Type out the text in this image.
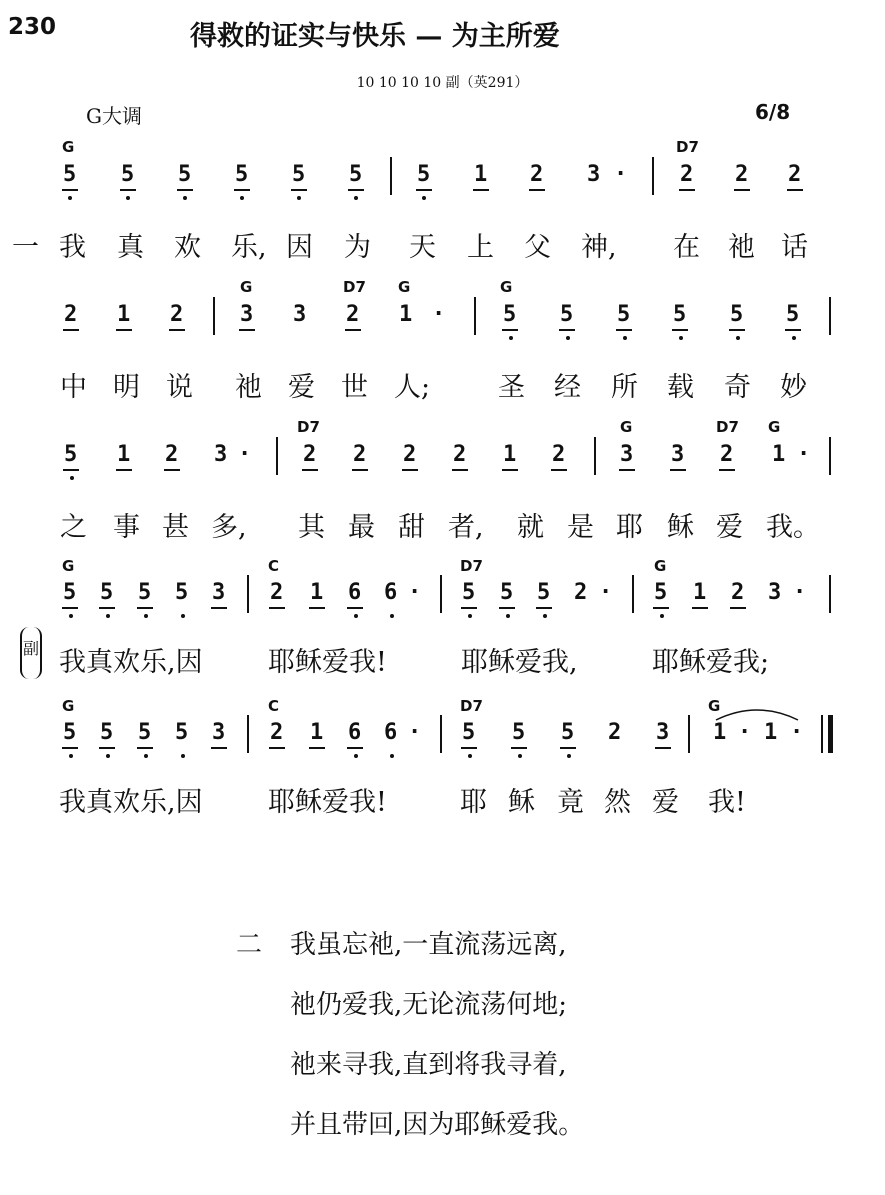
230	得救的证实与快乐 — 为主所爱
10 10 10 10 副（英291）
G大调	6/8
G	D7
5 5 5 5 5 5 5 1 2 3 · 2 2 2
一 我 真 欢 乐, 因 为 天 上 父 神, 在 祂 话
G	D7 G	G
2 1 2	3 3 2 1 ·	5 5 5 5 5 5
中 明 说 祂 爱 世 人;	圣 经 所 载 奇 妙
D7	G	D7 G
5 1 2 3 · 2 2 2 2 1 2 3 3 2 1 ·
之 事 甚 多, 其 最 甜 者, 就 是 耶 稣 爱 我。
G	C	D7	G
5 5 5 5 3 2 1 6 6 · 5 5 5 2 · 5 1 2 3 ·
副 我真欢乐,因 耶稣爱我!	耶稣爱我,	耶稣爱我;
G	C	D7	G
5 5 5 5 3 2 1 6 6 · 5 5 5 2 3 1 · 1 ·
我真欢乐,因 耶稣爱我!	耶 稣 竟 然 爱 我!
二 我虽忘祂,一直流荡远离,
祂仍爱我,无论流荡何地;
祂来寻我,直到将我寻着,
并且带回,因为耶稣爱我。
